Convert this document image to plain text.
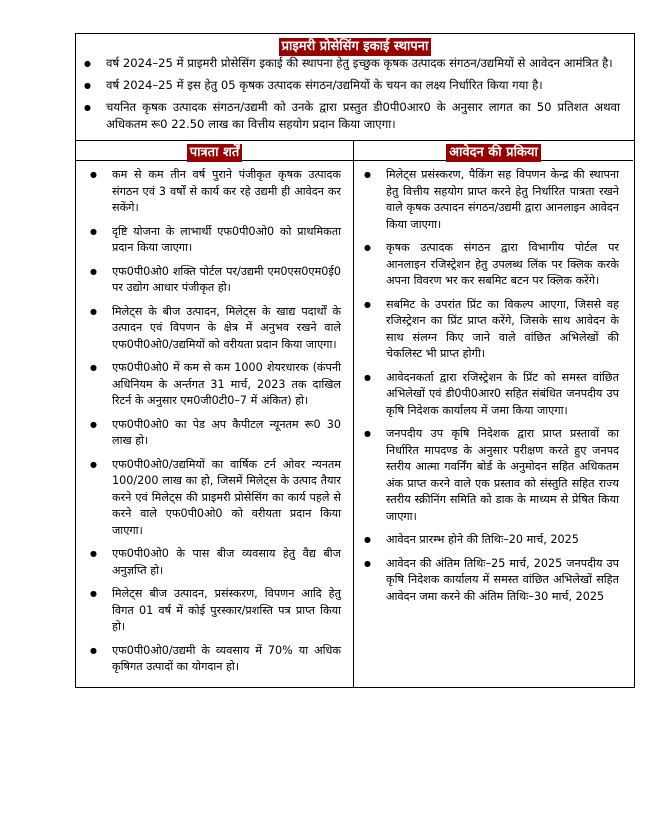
प्राइमरी प्रोसेसिंग इकाई स्थापना
● वर्ष 2024–25 में प्राइमरी प्रोसेसिंग इकाई की स्थापना हेतु इच्छुक कृषक उत्पादक संगठन/उद्यमियों से आवेदन आमंत्रित है।
● वर्ष 2024–25 में इस हेतु 05 कृषक उत्पादक संगठन/उद्यमियों के चयन का लक्ष्य निर्धारित किया गया है।
● चयनित कृषक उत्पादक संगठन/उद्यमी को उनके द्वारा प्रस्तुत डी0पी0आर0 के अनुसार लागत का 50 प्रतिशत अथवा अधिकतम रू0 22.50 लाख का वित्तीय सहयोग प्रदान किया जाएगा।
पात्रता शर्तें
● कम से कम तीन वर्ष पुराने पंजीकृत कृषक उत्पादक संगठन एवं 3 वर्षों से कार्य कर रहे उद्यमी ही आवेदन कर सकेंगे।
● दृष्टि योजना के लाभार्थी एफ0पी0ओ0 को प्राथमिकता प्रदान किया जाएगा।
● एफ0पी0ओ0 शक्ति पोर्टल पर/उद्यमी एम0एस0एम0ई0 पर उद्योग आधार पंजीकृत हो।
● मिलेट्स के बीज उत्पादन, मिलेट्स के खाद्य पदार्थों के उत्पादन एवं विपणन के क्षेत्र में अनुभव रखने वाले एफ0पी0ओ0/उद्यमियों को वरीयता प्रदान किया जाएगा।
● एफ0पी0ओ0 में कम से कम 1000 शेयरधारक (कंपनी अधिनियम के अर्न्तगत 31 मार्च, 2023 तक दाखिल रिटर्न के अनुसार एम0जी0टी0–7 में अंकित) हो।
● एफ0पी0ओ0 का पेड अप कैपीटल न्यूनतम रू0 30 लाख हो।
● एफ0पी0ओ0/उद्यमियों का वार्षिक टर्न ओवर न्यनतम 100/200 लाख का हो, जिसमें मिलेट्स के उत्पाद तैयार करने एवं मिलेट्स की प्राइमरी प्रोसेसिंग का कार्य पहले से करने वाले एफ0पी0ओ0 को वरीयता प्रदान किया जाएगा।
● एफ0पी0ओ0 के पास बीज व्यवसाय हेतु वैद्य बीज अनुज्ञप्ति हो।
● मिलेट्स बीज उत्पादन, प्रसंस्करण, विपणन आदि हेतु विगत 01 वर्ष में कोई पुरस्कार/प्रशस्ति पत्र प्राप्त किया हो।
● एफ0पी0ओ0/उद्यमी के व्यवसाय में 70% या अधिक कृषिगत उत्पादों का योगदान हो।
आवेदन की प्रकिया
● मिलेट्स प्रसंस्करण, पैकिंग सह विपणन केन्द्र की स्थापना हेतु वित्तीय सहयोग प्राप्त करने हेतु निर्धारित पात्रता रखने वाले कृषक उत्पादन संगठन/उद्यमी द्वारा आनलाइन आवेदन किया जाएगा।
● कृषक उत्पादक संगठन द्वारा विभागीय पोर्टल पर आनलाइन रजिस्ट्रेशन हेतु उपलब्ध लिंक पर क्लिक करके अपना विवरण भर कर सबमिट बटन पर क्लिक करेंगे।
● सबमिट के उपरांत प्रिंट का विकल्प आएगा, जिससे वह रजिस्ट्रेशन का प्रिंट प्राप्त करेंगे, जिसके साथ आवेदन के साथ संलग्न किए जाने वाले वांछित अभिलेखों की चेकलिस्ट भी प्राप्त होगी।
● आवेदनकर्ता द्वारा रजिस्ट्रेशन के प्रिंट को समस्त वांछित अभिलेखों एवं डी0पी0आर0 सहित संबंधित जनपदीय उप कृषि निदेशक कार्यालय में जमा किया जाएगा।
● जनपदीय उप कृषि निदेशक द्वारा प्राप्त प्रस्तावों का निर्धारित मापदण्ड के अनुसार परीक्षण करते हुए जनपद स्तरीय आत्मा गवर्निंग बोर्ड के अनुमोदन सहित अधिकतम अंक प्राप्त करने वाले एक प्रस्ताव को संस्तुति सहित राज्य स्तरीय स्क्रीनिंग समिति को डाक के माध्यम से प्रेषित किया जाएगा।
● आवेदन प्रारम्भ होने की तिथिः–20 मार्च, 2025
● आवेदन की अंतिम तिथिः–25 मार्च, 2025 जनपदीय उप कृषि निदेशक कार्यालय में समस्त वांछित अभिलेखों सहित आवेदन जमा करने की अंतिम तिथिः–30 मार्च, 2025
